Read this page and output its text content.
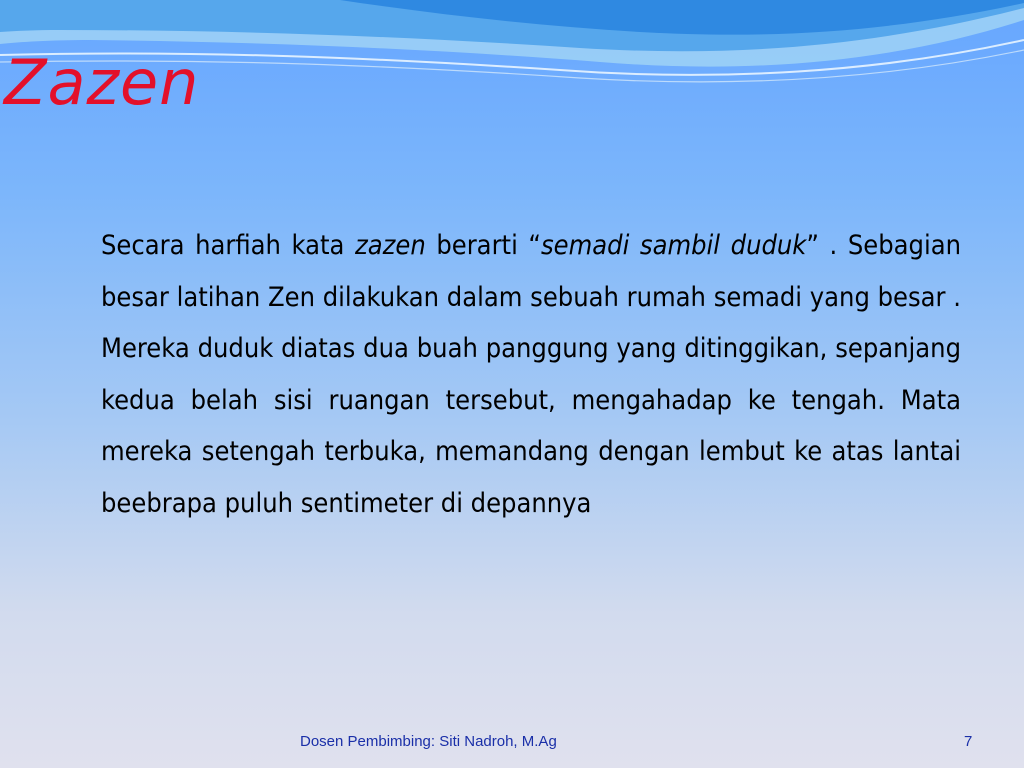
Zazen

Secara harfiah kata zazen berarti “semadi sambil duduk” . Sebagian besar latihan Zen dilakukan dalam sebuah rumah semadi yang besar . Mereka duduk diatas dua buah panggung yang ditinggikan, sepanjang kedua belah sisi ruangan tersebut, mengahadap ke tengah. Mata mereka setengah terbuka, memandang dengan lembut ke atas lantai beebrapa puluh sentimeter di depannya

Dosen Pembimbing: Siti Nadroh, M.Ag	7
